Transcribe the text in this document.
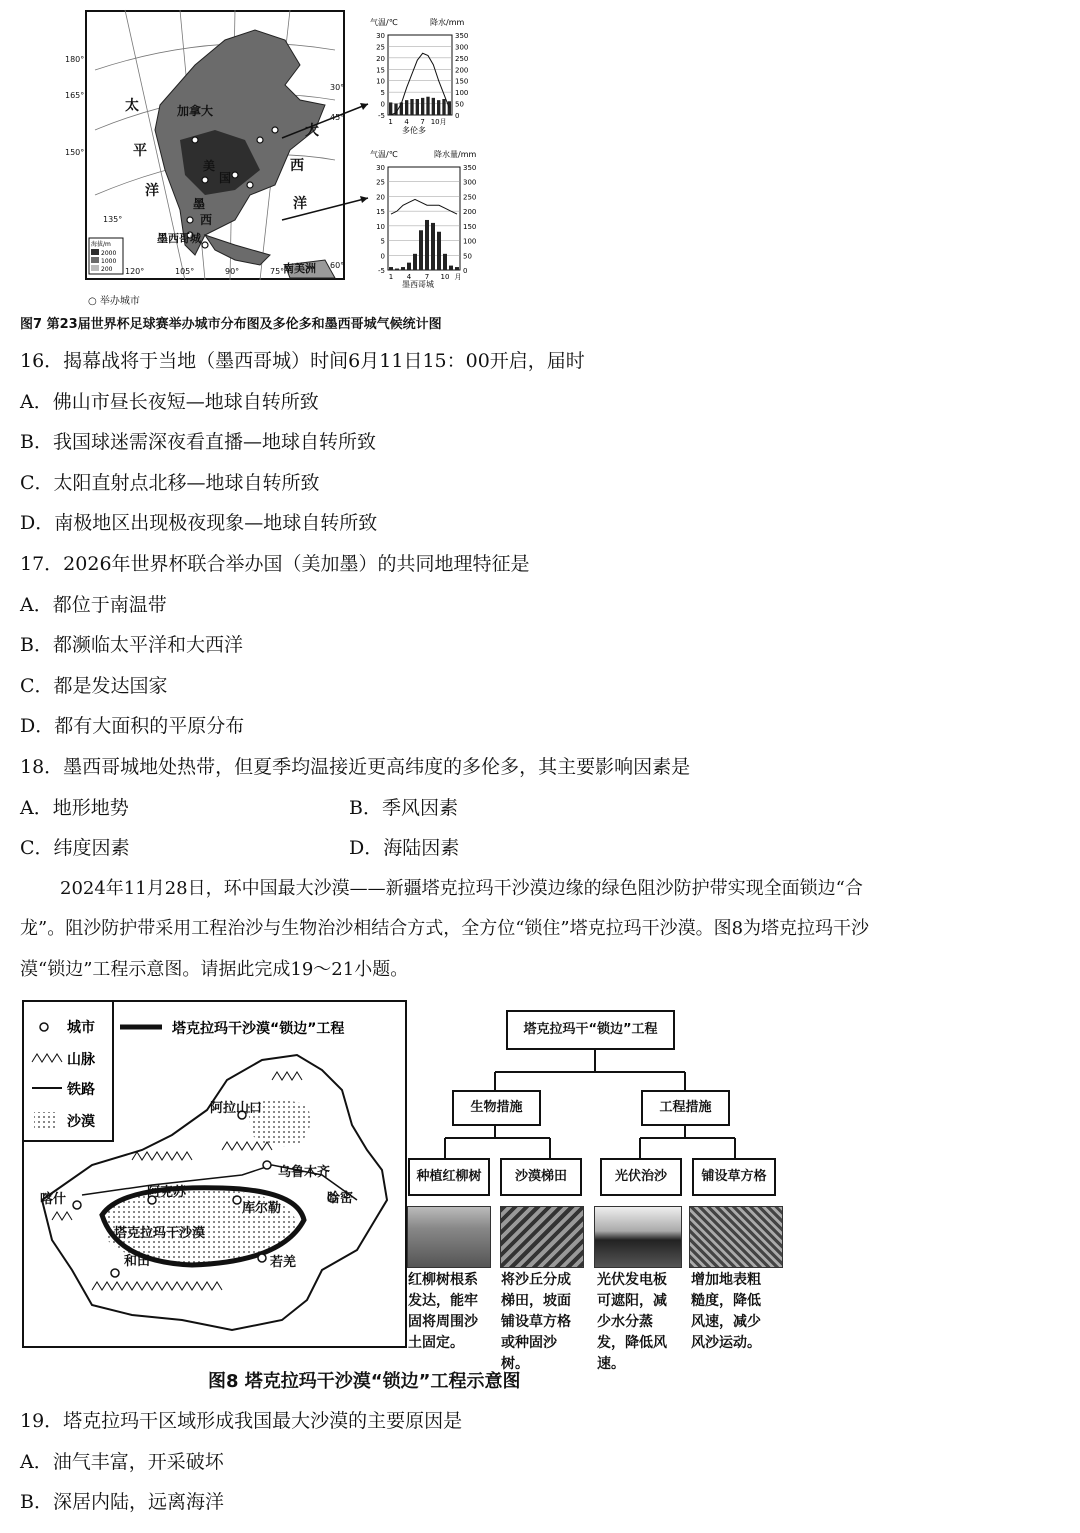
加拿大
美
国
墨
西
太
平
洋
大
西
洋
墨西哥城
南美洲
180°
165°
150°
135°
120°	105°	90°	75°
60°
45°
30°
海拔/m
2000
1000
200
○ 举办城市
气温/℃	降水/mm
多伦多
30
25
20
15
10
5
0
-5
350
300
250
200
150
100
50
0
1 4 7 10月
气温/℃	降水量/mm
墨西哥城
30
25
20
15
10
5
0
-5
350
300
250
200
150
100
50
0
1 4 7 10 月
图7 第23届世界杯足球赛举办城市分布图及多伦多和墨西哥城气候统计图
16．揭幕战将于当地（墨西哥城）时间6月11日15：00开启，届时
A．佛山市昼长夜短—地球自转所致
B．我国球迷需深夜看直播—地球自转所致
C．太阳直射点北移—地球自转所致
D．南极地区出现极夜现象—地球自转所致
17．2026年世界杯联合举办国（美加墨）的共同地理特征是
A．都位于南温带
B．都濒临太平洋和大西洋
C．都是发达国家
D．都有大面积的平原分布
18．墨西哥城地处热带，但夏季均温接近更高纬度的多伦多，其主要影响因素是
A．地形地势	B．季风因素
C．纬度因素	D．海陆因素
2024年11月28日，环中国最大沙漠——新疆塔克拉玛干沙漠边缘的绿色阻沙防护带实现全面锁边“合
龙”。阻沙防护带采用工程治沙与生物治沙相结合方式，全方位“锁住”塔克拉玛干沙漠。图8为塔克拉玛干沙
漠“锁边”工程示意图。请据此完成19～21小题。
阿拉山口
乌鲁木齐
哈密
喀什	阿克苏
库尔勒
塔克拉玛干沙漠
和田	若羌
城市
山脉
铁路
沙漠
塔克拉玛干沙漠“锁边”工程	塔克拉玛干“锁边”工程
生物措施	工程措施
种植红柳树	沙漠梯田	光伏治沙	铺设草方格
红柳树根系发达，能牢固将周围沙土固定。
将沙丘分成梯田，坡面铺设草方格或种固沙树。
光伏发电板可遮阳，减少水分蒸发，降低风速。
增加地表粗糙度，降低风速，减少风沙运动。
图8 塔克拉玛干沙漠“锁边”工程示意图
19．塔克拉玛干区域形成我国最大沙漠的主要原因是
A．油气丰富，开采破坏
B．深居内陆，远离海洋
